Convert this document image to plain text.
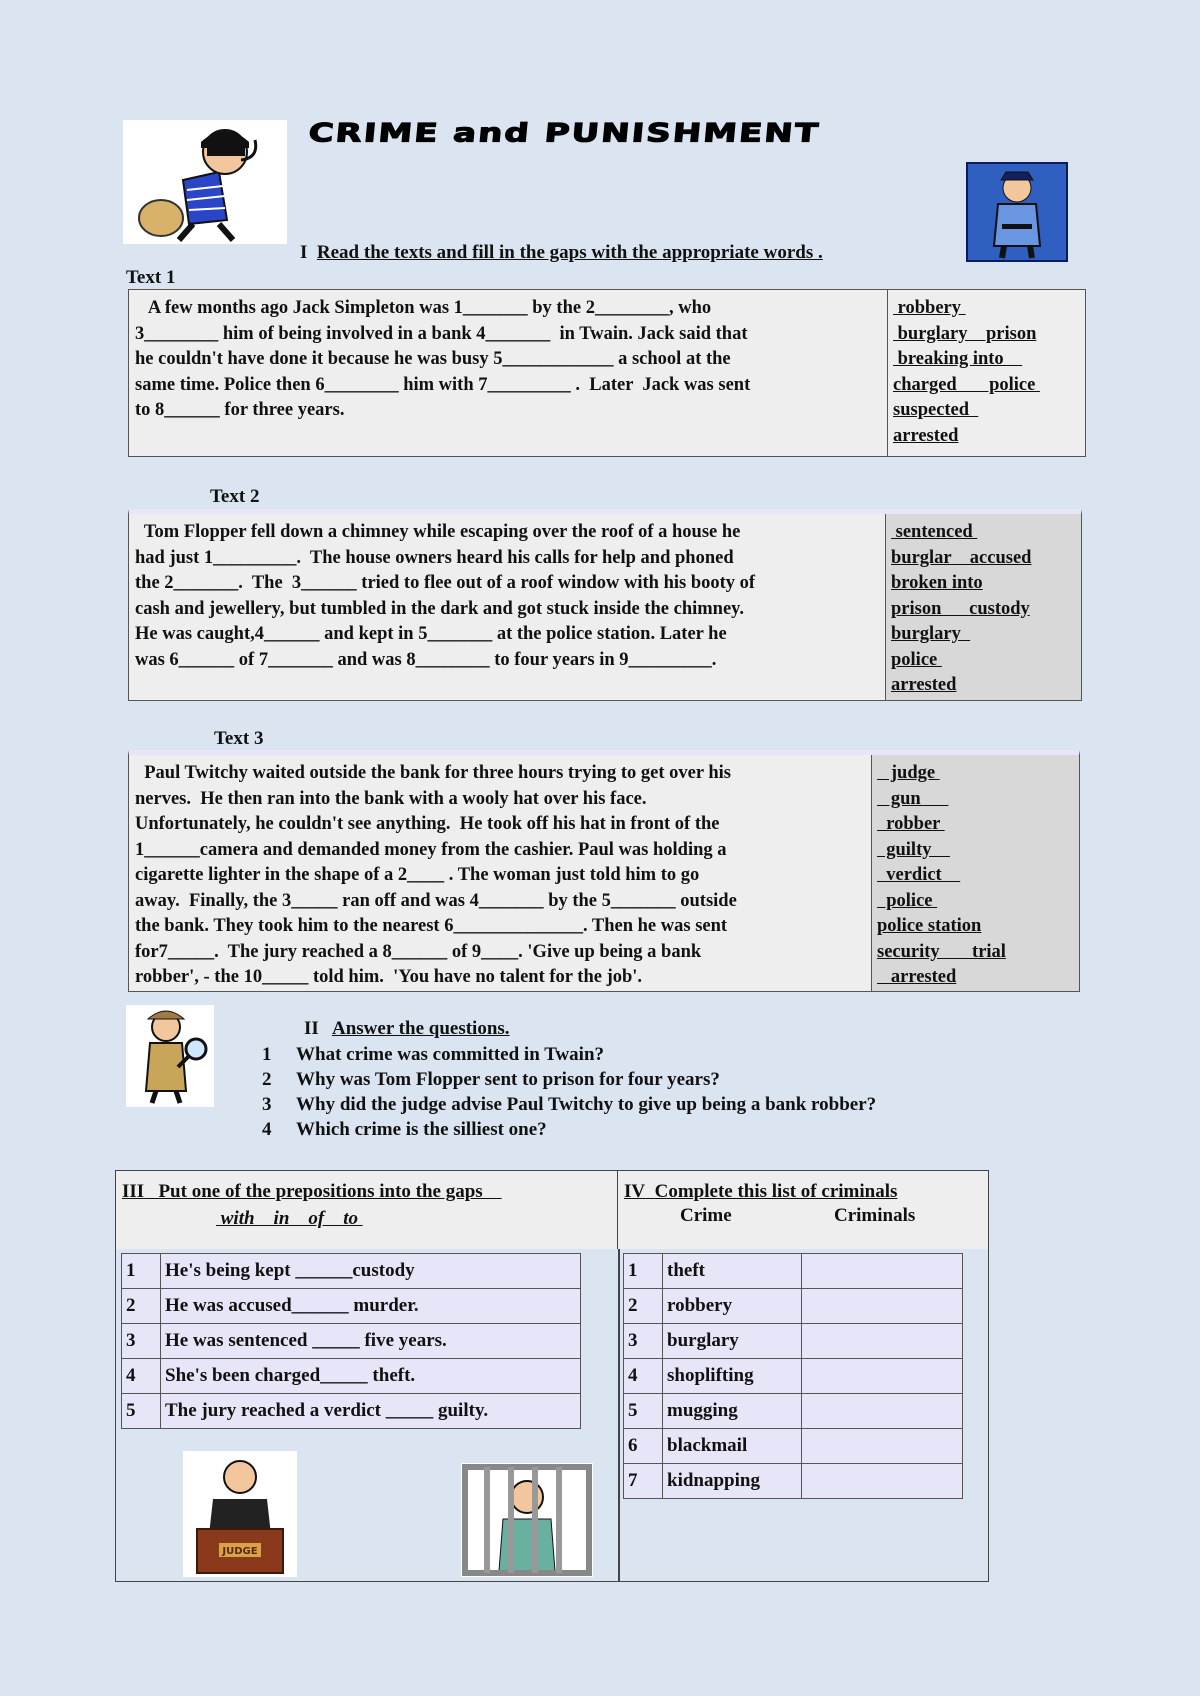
CRIME and PUNISHMENT
I Read the texts and fill in the gaps with the appropriate words .
Text 1
A few months ago Jack Simpleton was 1_______ by the 2________, who
3________ him of being involved in a bank 4_______  in Twain. Jack said that
he couldn't have done it because he was busy 5____________ a school at the
same time. Police then 6________ him with 7_________ .  Later  Jack was sent
to 8______ for three years.
robbery
burglary    prison
breaking into
charged       police
suspected
arrested
Text 2
Tom Flopper fell down a chimney while escaping over the roof of a house he
had just 1_________.  The house owners heard his calls for help and phoned
the 2_______.  The  3______ tried to flee out of a roof window with his booty of
cash and jewellery, but tumbled in the dark and got stuck inside the chimney.
He was caught,4______ and kept in 5_______ at the police station. Later he
was 6______ of 7_______ and was 8________ to four years in 9_________.
sentenced
burglar    accused
broken into
prison      custody
burglary
police
arrested
Text 3
Paul Twitchy waited outside the bank for three hours trying to get over his
nerves.  He then ran into the bank with a wooly hat over his face.
Unfortunately, he couldn't see anything.  He took off his hat in front of the
1______camera and demanded money from the cashier. Paul was holding a
cigarette lighter in the shape of a 2____ . The woman just told him to go
away.  Finally, the 3_____ ran off and was 4_______ by the 5_______ outside
the bank. They took him to the nearest 6______________. Then he was sent
for7_____.  The jury reached a 8______ of 9____. 'Give up being a bank
robber', - the 10_____ told him.  'You have no talent for the job'.
judge
gun
robber
guilty
verdict
police
police station
security       trial
arrested
II Answer the questions.
1	What crime was committed in Twain?
2	Why was Tom Flopper sent to prison for four years?
3	Why did the judge advise Paul Twitchy to give up being a bank robber?
4	Which crime is the silliest one?
III Put one of the prepositions into the gaps
with    in    of    to
IV Complete this list of criminals
Crime	Criminals
1	He's being kept ______custody
2	He was accused______ murder.
3	He was sentenced _____ five years.
4	She's been charged_____ theft.
5	The jury reached a verdict _____ guilty.
1	theft	
2	robbery	
3	burglary	
4	shoplifting	
5	mugging	
6	blackmail	
7	kidnapping	
JUDGE
